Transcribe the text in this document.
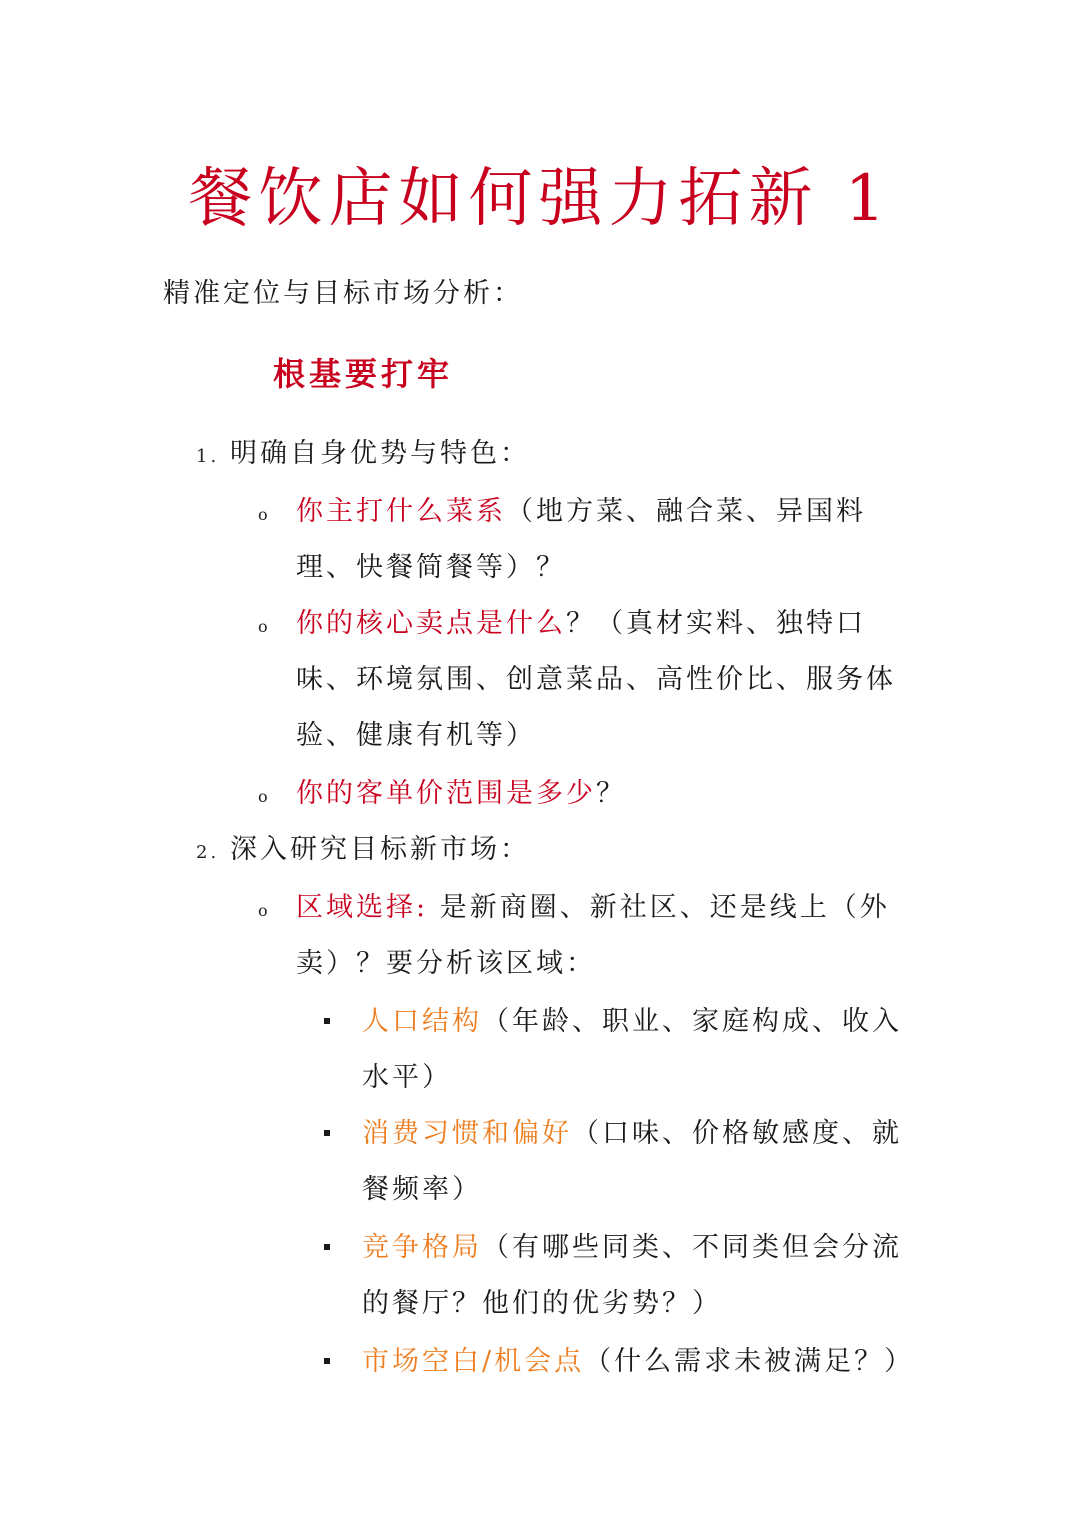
餐饮店如何强力拓新 1

精准定位与目标市场分析：

根基要打牢

1. 明确自身优势与特色：
o 你主打什么菜系（地方菜、融合菜、异国料理、快餐简餐等）？
o 你的核心卖点是什么？（真材实料、独特口味、环境氛围、创意菜品、高性价比、服务体验、健康有机等）
o 你的客单价范围是多少？
2. 深入研究目标新市场：
o 区域选择: 是新商圈、新社区、还是线上（外卖）？要分析该区域：
人口结构（年龄、职业、家庭构成、收入水平）
消费习惯和偏好（口味、价格敏感度、就餐频率）
竞争格局（有哪些同类、不同类但会分流的餐厅？他们的优劣势？）
市场空白/机会点（什么需求未被满足？）
